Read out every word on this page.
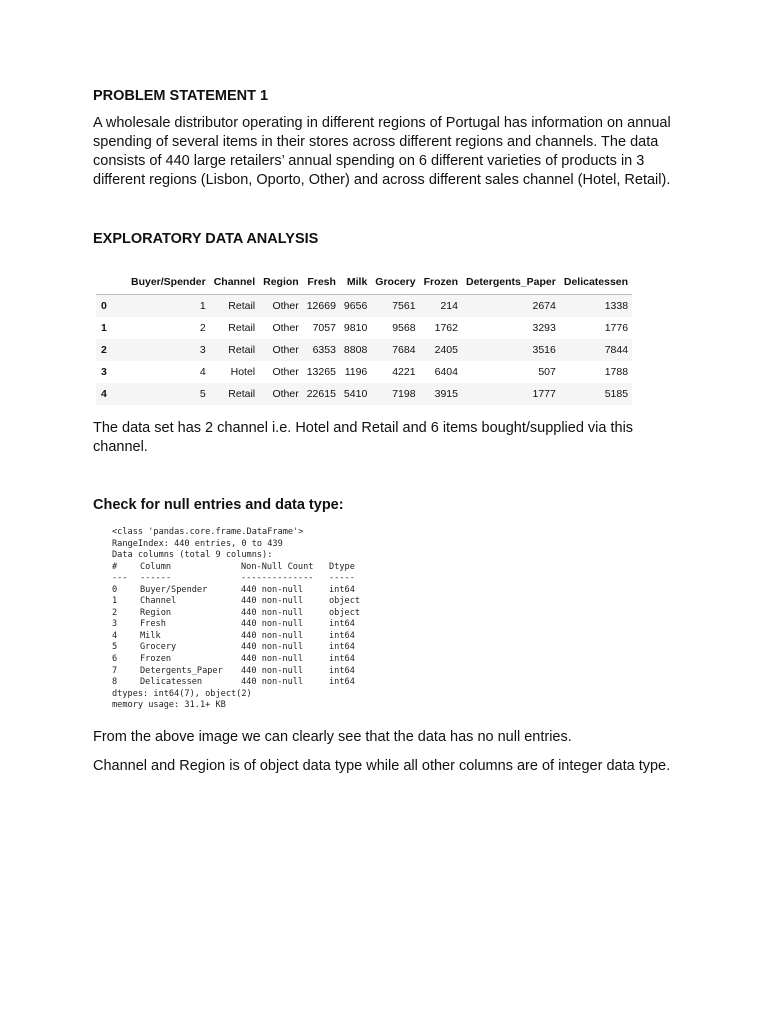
PROBLEM STATEMENT 1

A wholesale distributor operating in different regions of Portugal has information on annual spending of several items in their stores across different regions and channels. The data consists of 440 large retailers’ annual spending on 6 different varieties of products in 3 different regions (Lisbon, Oporto, Other) and across different sales channel (Hotel, Retail).

EXPLORATORY DATA ANALYSIS

	Buyer/Spender	Channel	Region	Fresh	Milk	Grocery	Frozen	Detergents_Paper	Delicatessen
0	1	Retail	Other	12669	9656	7561	214	2674	1338
1	2	Retail	Other	7057	9810	9568	1762	3293	1776
2	3	Retail	Other	6353	8808	7684	2405	3516	7844
3	4	Hotel	Other	13265	1196	4221	6404	507	1788
4	5	Retail	Other	22615	5410	7198	3915	1777	5185

The data set has 2 channel i.e. Hotel and Retail and 6 items bought/supplied via this channel.

Check for null entries and data type:

<class 'pandas.core.frame.DataFrame'>
RangeIndex: 440 entries, 0 to 439
Data columns (total 9 columns):
#	Column	Non-Null Count Dtype
--- ------	-------------- -----
0	Buyer/Spender	440 non-null	int64
1	Channel	440 non-null	object
2	Region	440 non-null	object
3	Fresh	440 non-null	int64
4	Milk	440 non-null	int64
5	Grocery	440 non-null	int64
6	Frozen	440 non-null	int64
7	Detergents_Paper 440 non-null	int64
8	Delicatessen	440 non-null	int64
dtypes: int64(7), object(2)
memory usage: 31.1+ KB

From the above image we can clearly see that the data has no null entries.

Channel and Region is of object data type while all other columns are of integer data type.
